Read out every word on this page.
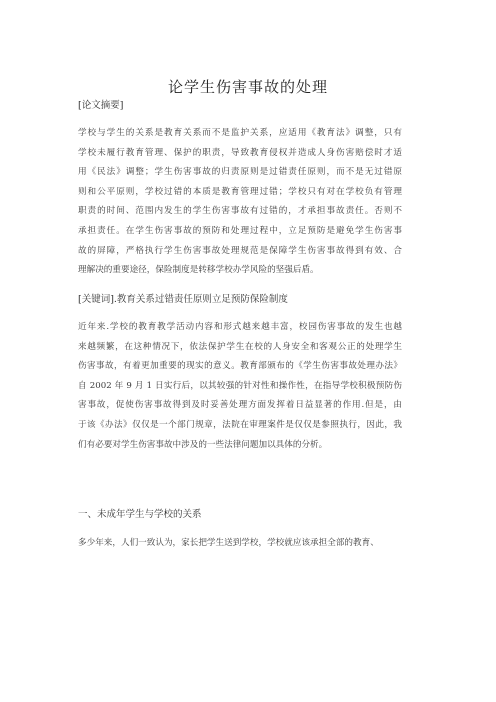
论学生伤害事故的处理
[论文摘要]

学校与学生的关系是教育关系而不是监护关系，应适用《教育法》调整，只有

学校未履行教育管理、保护的职责，导致教育侵权并造成人身伤害赔偿时才适

用《民法》调整；学生伤害事故的归责原则是过错责任原则，而不是无过错原

则和公平原则，学校过错的本质是教育管理过错；学校只有对在学校负有管理

职责的时间、范围内发生的学生伤害事故有过错的，才承担事故责任。否则不

承担责任。在学生伤害事故的预防和处理过程中，立足预防是避免学生伤害事

故的屏障，严格执行学生伤害事故处理规范是保障学生伤害事故得到有效、合

理解决的重要途径，保险制度是转移学校办学风险的坚强后盾。

[关键词].教育关系过错责任原则立足预防保险制度

近年来.学校的教育教学活动内容和形式越来越丰富，校园伤害事故的发生也越

来越频繁，在这种情况下，依法保护学生在校的人身安全和客观公正的处理学生

伤害事故，有着更加重要的现实的意义。教育部颁布的《学生伤害事故处理办法》

自 2002 年 9 月 1 日实行后，以其较强的针对性和操作性，在指导学校积极预防伤

害事故，促使伤害事故得到及时妥善处理方面发挥着日益显著的作用.但是，由

于该《办法》仅仅是一个部门规章，法院在审理案件是仅仅是参照执行，因此，我

们有必要对学生伤害事故中涉及的一些法律问题加以具体的分析。

一、未成年学生与学校的关系

多少年来，人们一致认为，家长把学生送到学校，学校就应该承担全部的教育、
